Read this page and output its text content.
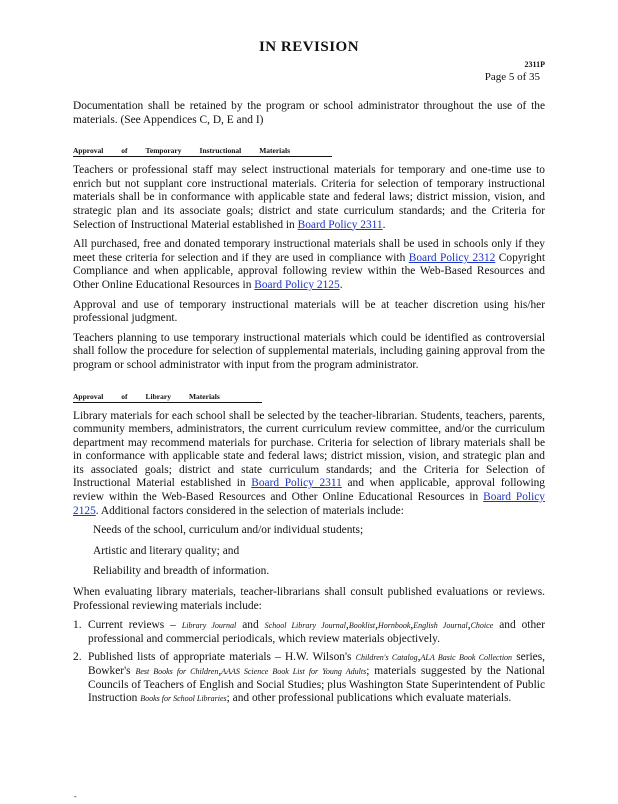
IN REVISION
2311P
Page 5 of 35

Documentation shall be retained by the program or school administrator throughout the use of the materials. (See Appendices C, D, E and I)

Approval of Temporary Instructional Materials

Teachers or professional staff may select instructional materials for temporary and one-time use to enrich but not supplant core instructional materials. Criteria for selection of temporary instructional materials shall be in conformance with applicable state and federal laws; district mission, vision, and strategic plan and its associate goals; district and state curriculum standards; and the Criteria for Selection of Instructional Material established in Board Policy 2311.

All purchased, free and donated temporary instructional materials shall be used in schools only if they meet these criteria for selection and if they are used in compliance with Board Policy 2312 Copyright Compliance and when applicable, approval following review within the Web-Based Resources and Other Online Educational Resources in Board Policy 2125.

Approval and use of temporary instructional materials will be at teacher discretion using his/her professional judgment.

Teachers planning to use temporary instructional materials which could be identified as controversial shall follow the procedure for selection of supplemental materials, including gaining approval from the program or school administrator with input from the program administrator.

Approval of Library Materials

Library materials for each school shall be selected by the teacher-librarian. Students, teachers, parents, community members, administrators, the current curriculum review committee, and/or the curriculum department may recommend materials for purchase. Criteria for selection of library materials shall be in conformance with applicable state and federal laws; district mission, vision, and strategic plan and its associated goals; district and state curriculum standards; and the Criteria for Selection of Instructional Material established in Board Policy 2311 and when applicable, approval following review within the Web-Based Resources and Other Online Educational Resources in Board Policy 2125. Additional factors considered in the selection of materials include:

Needs of the school, curriculum and/or individual students;
Artistic and literary quality; and
Reliability and breadth of information.

When evaluating library materials, teacher-librarians shall consult published evaluations or reviews. Professional reviewing materials include:

1. Current reviews – Library Journal and School Library Journal,Booklist,Hornbook,English Journal,Choice and other professional and commercial periodicals, which review materials objectively.
2. Published lists of appropriate materials – H.W. Wilson's Children's Catalog,ALA Basic Book Collection series, Bowker's Best Books for Children,AAAS Science Book List for Young Adults; materials suggested by the National Councils of Teachers of English and Social Studies; plus Washington State Superintendent of Public Instruction Books for School Libraries; and other professional publications which evaluate materials.
-
